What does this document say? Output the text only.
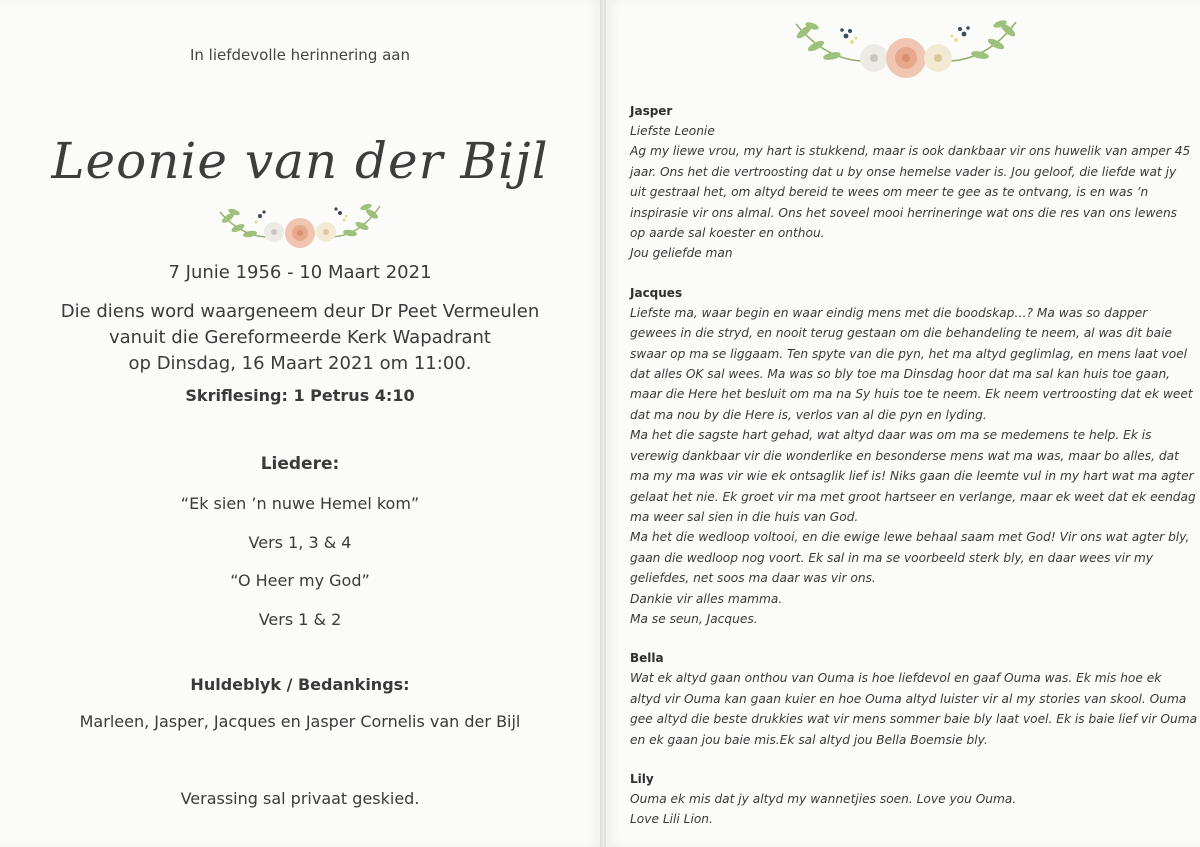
In liefdevolle herinnering aan
Leonie van der Bijl
7 Junie 1956 - 10 Maart 2021
Die diens word waargeneem deur Dr Peet Vermeulen
vanuit die Gereformeerde Kerk Wapadrant
op Dinsdag, 16 Maart 2021 om 11:00.
Skriflesing: 1 Petrus 4:10
Liedere:
“Ek sien ’n nuwe Hemel kom”
Vers 1, 3 & 4
“O Heer my God”
Vers 1 & 2
Huldeblyk / Bedankings:
Marleen, Jasper, Jacques en Jasper Cornelis van der Bijl
Verassing sal privaat geskied.
Jasper
Liefste Leonie
Ag my liewe vrou, my hart is stukkend, maar is ook dankbaar vir ons huwelik van amper 45
jaar. Ons het die vertroosting dat u by onse hemelse vader is. Jou geloof, die liefde wat jy
uit gestraal het, om altyd bereid te wees om meer te gee as te ontvang, is en was ’n
inspirasie vir ons almal. Ons het soveel mooi herrineringe wat ons die res van ons lewens
op aarde sal koester en onthou.
Jou geliefde man
Jacques
Liefste ma, waar begin en waar eindig mens met die boodskap…? Ma was so dapper
gewees in die stryd, en nooit terug gestaan om die behandeling te neem, al was dit baie
swaar op ma se liggaam. Ten spyte van die pyn, het ma altyd geglimlag, en mens laat voel
dat alles OK sal wees. Ma was so bly toe ma Dinsdag hoor dat ma sal kan huis toe gaan,
maar die Here het besluit om ma na Sy huis toe te neem. Ek neem vertroosting dat ek weet
dat ma nou by die Here is, verlos van al die pyn en lyding.
Ma het die sagste hart gehad, wat altyd daar was om ma se medemens te help. Ek is
verewig dankbaar vir die wonderlike en besonderse mens wat ma was, maar bo alles, dat
ma my ma was vir wie ek ontsaglik lief is! Niks gaan die leemte vul in my hart wat ma agter
gelaat het nie. Ek groet vir ma met groot hartseer en verlange, maar ek weet dat ek eendag
ma weer sal sien in die huis van God.
Ma het die wedloop voltooi, en die ewige lewe behaal saam met God! Vir ons wat agter bly,
gaan die wedloop nog voort. Ek sal in ma se voorbeeld sterk bly, en daar wees vir my
geliefdes, net soos ma daar was vir ons.
Dankie vir alles mamma.
Ma se seun, Jacques.
Bella
Wat ek altyd gaan onthou van Ouma is hoe liefdevol en gaaf Ouma was. Ek mis hoe ek
altyd vir Ouma kan gaan kuier en hoe Ouma altyd luister vir al my stories van skool. Ouma
gee altyd die beste drukkies wat vir mens sommer baie bly laat voel. Ek is baie lief vir Ouma
en ek gaan jou baie mis.Ek sal altyd jou Bella Boemsie bly.
Lily
Ouma ek mis dat jy altyd my wannetjies soen. Love you Ouma.
Love Lili Lion.
